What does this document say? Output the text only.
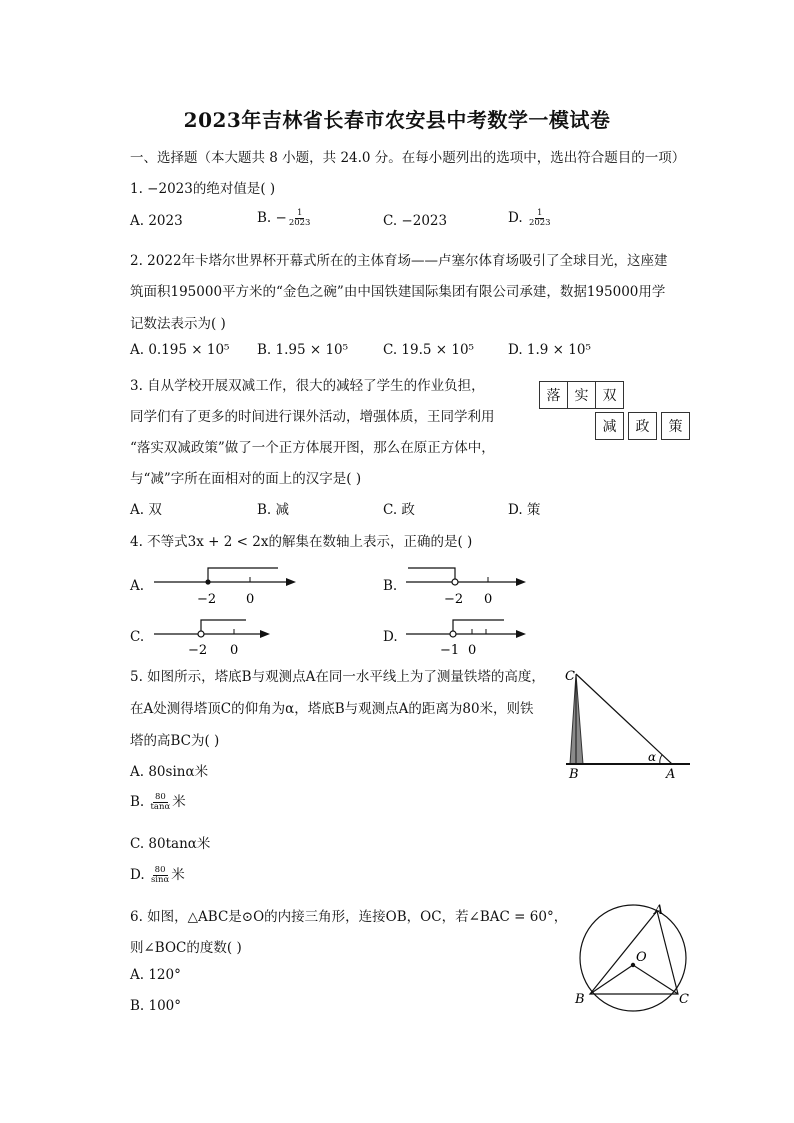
2023年吉林省长春市农安县中考数学一模试卷
一、选择题（本大题共 8 小题，共 24.0 分。在每小题列出的选项中，选出符合题目的一项）
1. −2023的绝对值是( )
A. 2023	B. − $\frac{1}{2023}$	C. −2023	D. $\frac{1}{2023}$
2. 2022年卡塔尔世界杯开幕式所在的主体育场——卢塞尔体育场吸引了全球目光，这座建
筑面积195000平方米的“金色之碗”由中国铁建国际集团有限公司承建，数据195000用学
记数法表示为( )
A. 0.195 × 10⁵ B. 1.95 × 10⁵	C. 19.5 × 10⁵	D. 1.9 × 10⁵
3. 自从学校开展双减工作，很大的减轻了学生的作业负担，
同学们有了更多的时间进行课外活动，增强体质，王同学利用
“落实双减政策”做了一个正方体展开图，那么在原正方体中，
与“减”字所在面相对的面上的汉字是( )
落	实	双
减	政	策
A. 双	B. 减	C. 政	D. 策
4. 不等式3x + 2 < 2x的解集在数轴上表示，正确的是( )
A.
−2 0
B.
−2 0
C.
−2 0
D.
−1 0
5. 如图所示，塔底B与观测点A在同一水平线上为了测量铁塔的高度，
在A处测得塔顶C的仰角为α，塔底B与观测点A的距离为80米，则铁
塔的高BC为( )
A. 80sinα米
B. $\frac{80}{\tan\alpha}$ 米
C. 80tanα米
D. $\frac{80}{\sin\alpha}$ 米
C
B	A
α
6. 如图，△ABC是⊙O的内接三角形，连接OB，OC，若∠BAC = 60°，
则∠BOC的度数( )
A. 120°
B. 100°
A
B	C
O
